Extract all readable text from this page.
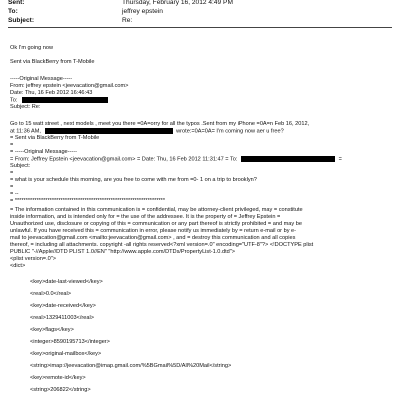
Sent:	Thursday, February 16, 2012 4:49 PM
To:	jeffrey epstein
Subject:	Re:
Ok I'm going now
Sent via BlackBerry from T-Mobile
-----Original Message-----
From: jeffrey epstein <jeevacation@gmail.com>
Date: Thu, 16 Feb 2012 16:46:43
To:
Subject: Re:
Go to 15 watt street , next models , meet you there =0A=orry for all the typos .Sent from my iPhone =0A=n Feb 16, 2012,
at 11:36 AM,	wrote:=0A=0A= I'm coming now aer u free?
= Sent via BlackBerry from T-Mobile
=
= -----Original Message-----
= From: Jeffrey Epstein <jeevacation@gmail.com> = Date: Thu, 16 Feb 2012 11:31:47 = To:	=
Subject:
=
= what is your schedule this morning, are you free to come with me from =0- 1 on a trip to brooklyn?
=
= --
= *********************************************************************
= The information contained in this communication is = confidential, may be attorney-client privileged, may = constitute
inside information, and is intended only for = the use of the addressee. It is the property of = Jeffrey Epstein =
Unauthorized use, disclosure or copying of this = communication or any part thereof is strictly prohibited = and may be
unlawful. If you have received this = communication in error, please notify us immediately by = return e-mail or by e-
mail to jeevacation@gmail.com <mailto:jeevacation@gmail.com> , and = destroy this communication and all copies
thereof, = including all attachments. copyright -all rights reserved<?xml version=.0" encoding="UTF-8"?> <!DOCTYPE plist
PUBLIC "-//Apple//DTD PLIST 1.0//EN" "http://www.apple.com/DTDs/PropertyList-1.0.dtd">
<plist version=.0">
<dict>
<key>date-last-viewed</key>
<real>0.0</real>
<key>date-received</key>
<real>1329411003</real>
<key>flags</key>
<integer>8590195713</integer>
<key>original-mailbox</key>
<string>imap://jeevacation@imap.gmail.com/%5BGmail%5D/All%20Mail</string>
<key>remote-id</key>
<string>206822</string>
